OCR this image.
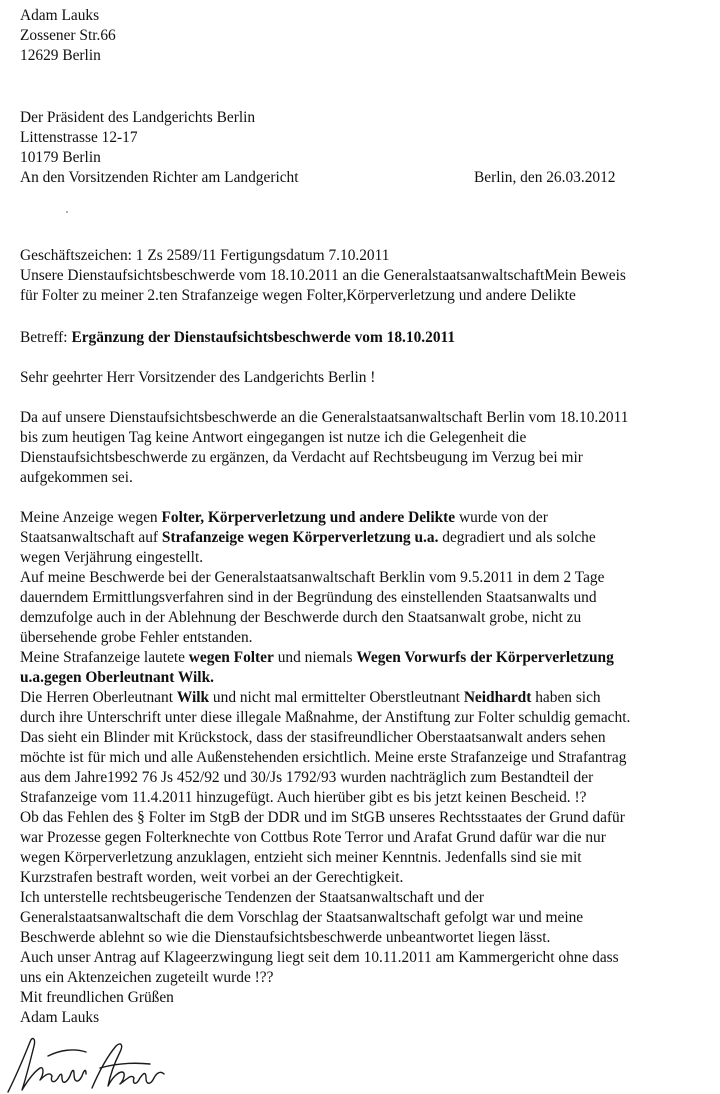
Adam Lauks
Zossener Str.66
12629 Berlin
Der Präsident des Landgerichts Berlin
Littenstrasse 12-17
10179 Berlin
An den Vorsitzenden Richter am Landgericht	Berlin, den 26.03.2012
Geschäftszeichen: 1 Zs 2589/11 Fertigungsdatum 7.10.2011
Unsere Dienstaufsichtsbeschwerde vom 18.10.2011 an die GeneralstaatsanwaltschaftMein Beweis
für Folter zu meiner 2.ten Strafanzeige wegen Folter,Körperverletzung und andere Delikte
Betreff: Ergänzung der Dienstaufsichtsbeschwerde vom 18.10.2011
Sehr geehrter Herr Vorsitzender des Landgerichts Berlin !
Da auf unsere Dienstaufsichtsbeschwerde an die Generalstaatsanwaltschaft Berlin vom 18.10.2011
bis zum heutigen Tag keine Antwort eingegangen ist nutze ich die Gelegenheit die
Dienstaufsichtsbeschwerde zu ergänzen, da Verdacht auf Rechtsbeugung im Verzug bei mir
aufgekommen sei.
Meine Anzeige wegen Folter, Körperverletzung und andere Delikte wurde von der
Staatsanwaltschaft auf Strafanzeige wegen Körperverletzung u.a. degradiert und als solche
wegen Verjährung eingestellt.
Auf meine Beschwerde bei der Generalstaatsanwaltschaft Berklin vom 9.5.2011 in dem 2 Tage
dauerndem Ermittlungsverfahren sind in der Begründung des einstellenden Staatsanwalts und
demzufolge auch in der Ablehnung der Beschwerde durch den Staatsanwalt grobe, nicht zu
übersehende grobe Fehler entstanden.
Meine Strafanzeige lautete wegen Folter und niemals Wegen Vorwurfs der Körperverletzung
u.a.gegen Oberleutnant Wilk.
Die Herren Oberleutnant Wilk und nicht mal ermittelter Oberstleutnant Neidhardt haben sich
durch ihre Unterschrift unter diese illegale Maßnahme, der Anstiftung zur Folter schuldig gemacht.
Das sieht ein Blinder mit Krückstock, dass der stasifreundlicher Oberstaatsanwalt anders sehen
möchte ist für mich und alle Außenstehenden ersichtlich. Meine erste Strafanzeige und Strafantrag
aus dem Jahre1992 76 Js 452/92 und 30/Js 1792/93 wurden nachträglich zum Bestandteil der
Strafanzeige vom 11.4.2011 hinzugefügt. Auch hierüber gibt es bis jetzt keinen Bescheid. !?
Ob das Fehlen des § Folter im StgB der DDR und im StGB unseres Rechtsstaates der Grund dafür
war Prozesse gegen Folterknechte von Cottbus Rote Terror und Arafat Grund dafür war die nur
wegen Körperverletzung anzuklagen, entzieht sich meiner Kenntnis. Jedenfalls sind sie mit
Kurzstrafen bestraft worden, weit vorbei an der Gerechtigkeit.
Ich unterstelle rechtsbeugerische Tendenzen der Staatsanwaltschaft und der
Generalstaatsanwaltschaft die dem Vorschlag der Staatsanwaltschaft gefolgt war und meine
Beschwerde ablehnt so wie die Dienstaufsichtsbeschwerde unbeantwortet liegen lässt.
Auch unser Antrag auf Klageerzwingung liegt seit dem 10.11.2011 am Kammergericht ohne dass
uns ein Aktenzeichen zugeteilt wurde !??
Mit freundlichen Grüßen
Adam Lauks
